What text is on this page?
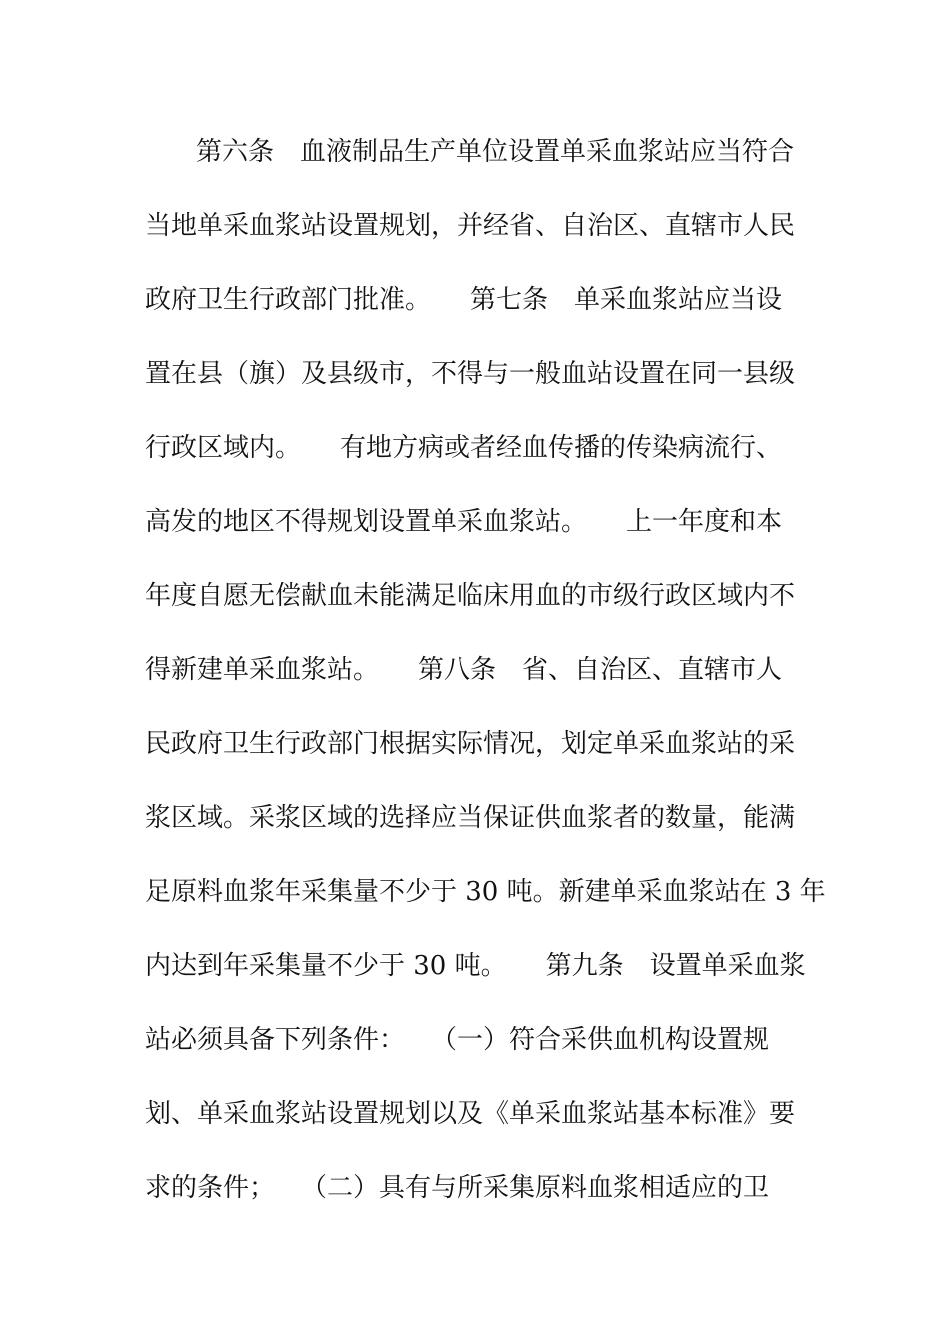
第六条　血液制品生产单位设置单采血浆站应当符合
当地单采血浆站设置规划，并经省、自治区、直辖市人民
政府卫生行政部门批准。　　第七条　单采血浆站应当设
置在县（旗）及县级市，不得与一般血站设置在同一县级
行政区域内。　　有地方病或者经血传播的传染病流行、
高发的地区不得规划设置单采血浆站。　　上一年度和本
年度自愿无偿献血未能满足临床用血的市级行政区域内不
得新建单采血浆站。　　第八条　省、自治区、直辖市人
民政府卫生行政部门根据实际情况，划定单采血浆站的采
浆区域。采浆区域的选择应当保证供血浆者的数量，能满
足原料血浆年采集量不少于 30 吨。新建单采血浆站在 3 年
内达到年采集量不少于 30 吨。　　第九条　设置单采血浆
站必须具备下列条件：　　（一）符合采供血机构设置规
划、单采血浆站设置规划以及《单采血浆站基本标准》要
求的条件；　　（二）具有与所采集原料血浆相适应的卫
